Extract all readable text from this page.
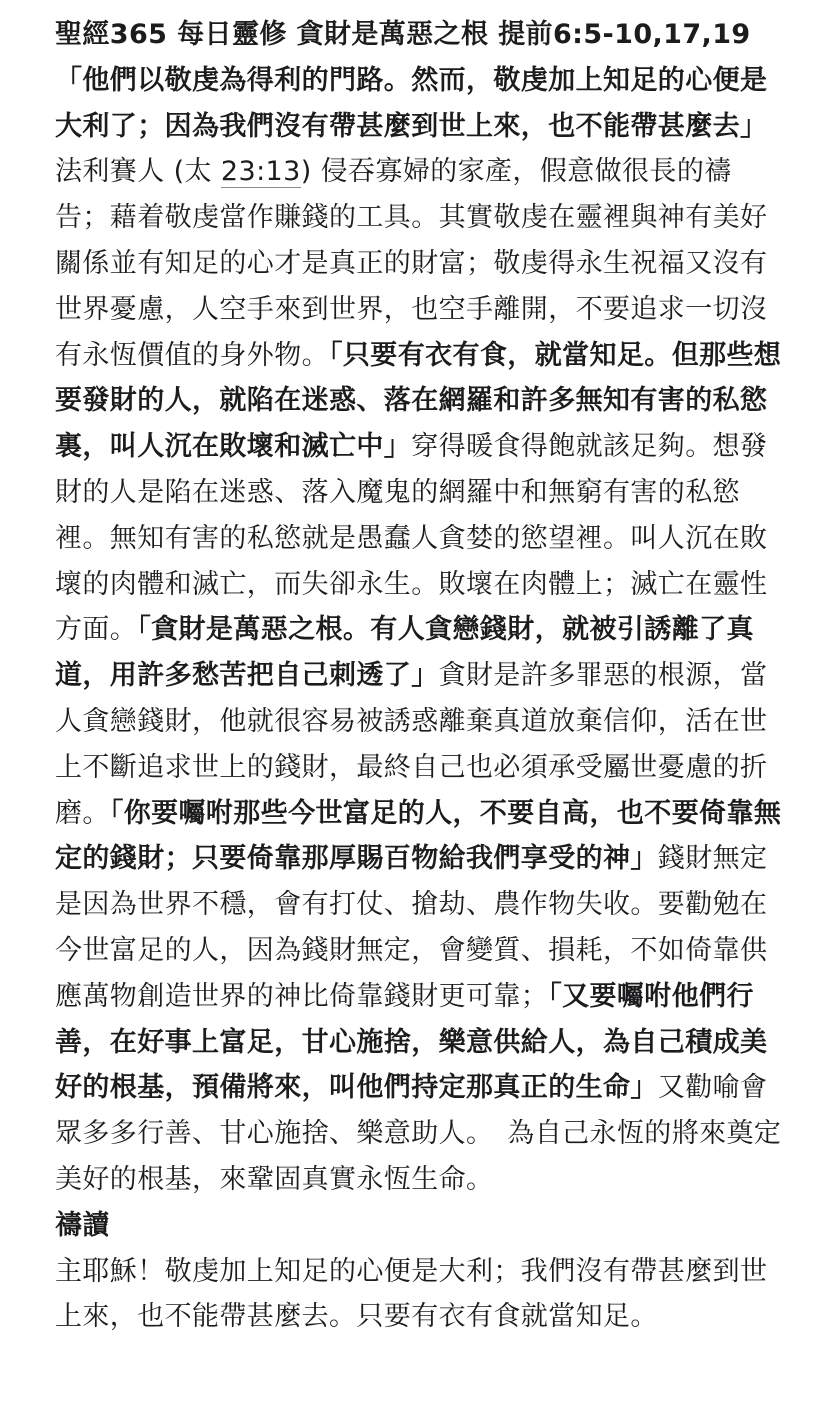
聖經365 每日靈修 貪財是萬惡之根 提前6:5-10,17,19

「他們以敬虔為得利的門路。然而，敬虔加上知足的心便是大利了；因為我們沒有帶甚麼到世上來，也不能帶甚麼去」法利賽人 (太 23:13) 侵吞寡婦的家產，假意做很長的禱告；藉着敬虔當作賺錢的工具。其實敬虔在靈裡與神有美好關係並有知足的心才是真正的財富；敬虔得永生祝福又沒有世界憂慮，人空手來到世界，也空手離開，不要追求一切沒有永恆價值的身外物。「只要有衣有食，就當知足。但那些想要發財的人，就陷在迷惑、落在網羅和許多無知有害的私慾裏，叫人沉在敗壞和滅亡中」穿得暖食得飽就該足夠。想發財的人是陷在迷惑、落入魔鬼的網羅中和無窮有害的私慾裡。無知有害的私慾就是愚蠢人貪婪的慾望裡。叫人沉在敗壞的肉體和滅亡，而失卻永生。敗壞在肉體上；滅亡在靈性方面。「貪財是萬惡之根。有人貪戀錢財，就被引誘離了真道，用許多愁苦把自己刺透了」貪財是許多罪惡的根源，當人貪戀錢財，他就很容易被誘惑離棄真道放棄信仰，活在世上不斷追求世上的錢財，最終自己也必須承受屬世憂慮的折磨。「你要囑咐那些今世富足的人，不要自高，也不要倚靠無定的錢財；只要倚靠那厚賜百物給我們享受的神」錢財無定是因為世界不穩，會有打仗、搶劫、農作物失收。要勸勉在今世富足的人，因為錢財無定，會變質、損耗，不如倚靠供應萬物創造世界的神比倚靠錢財更可靠；「又要囑咐他們行善，在好事上富足，甘心施捨，樂意供給人，為自己積成美好的根基，預備將來，叫他們持定那真正的生命」又勸喻會眾多多行善、甘心施捨、樂意助人。　為自己永恆的將來奠定美好的根基，來鞏固真實永恆生命。

禱讀

主耶穌！敬虔加上知足的心便是大利；我們沒有帶甚麼到世上來，也不能帶甚麼去。只要有衣有食就當知足。
